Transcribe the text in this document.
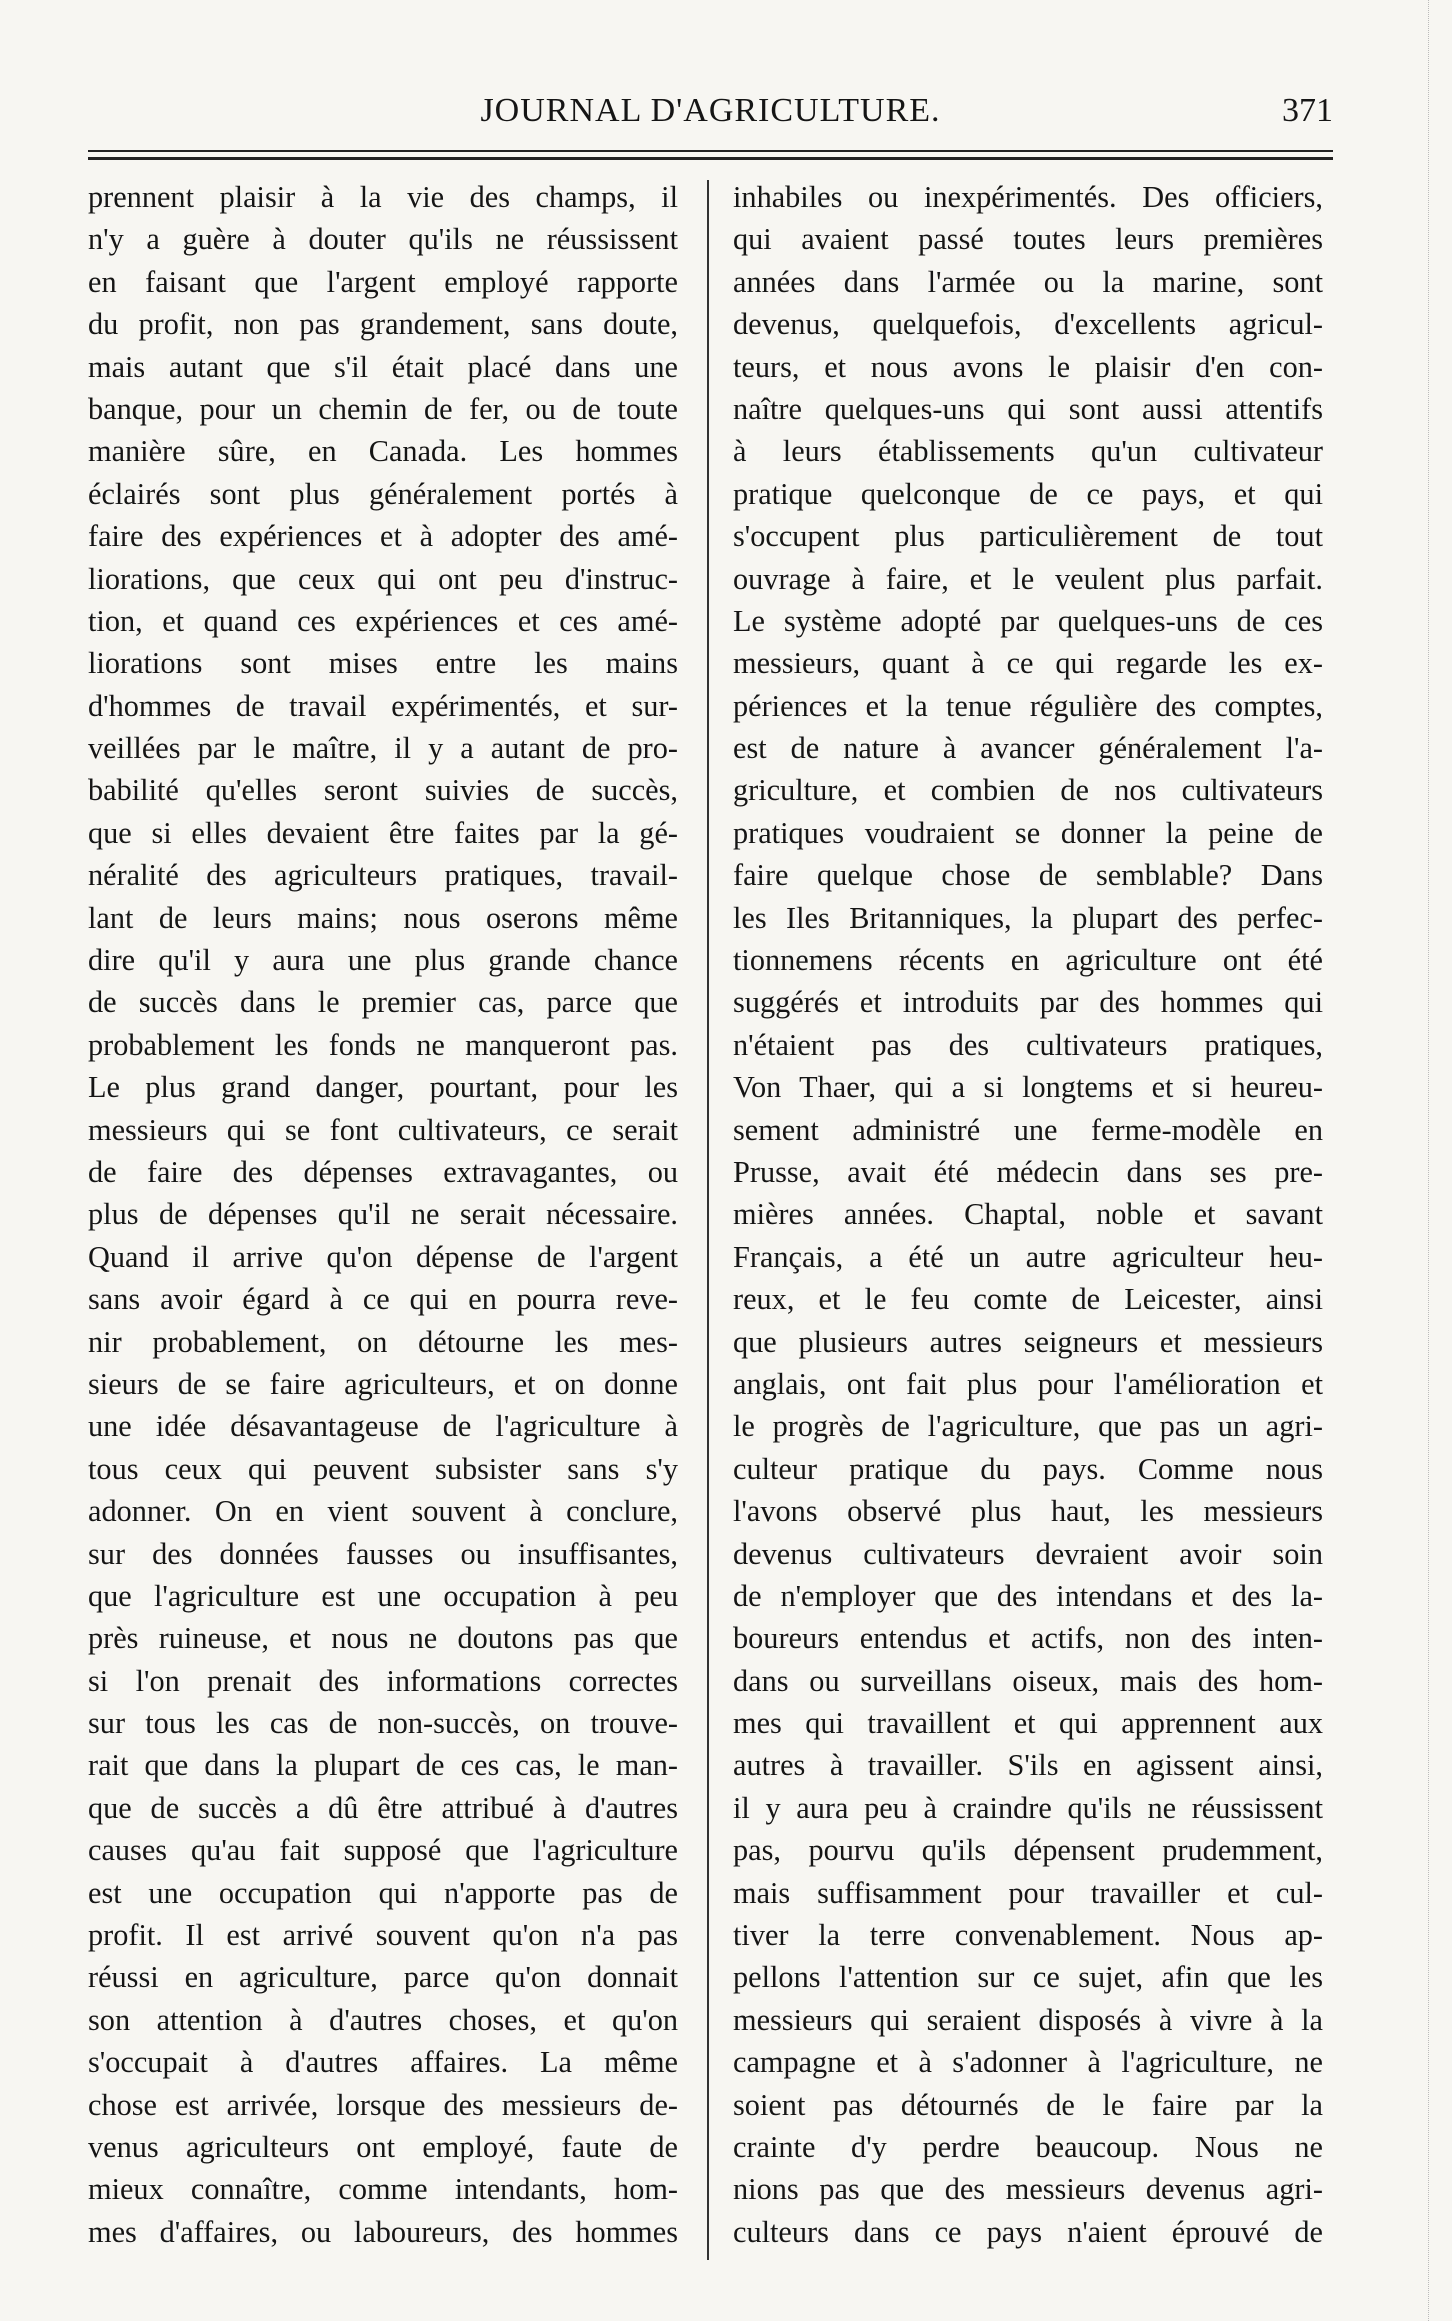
JOURNAL D'AGRICULTURE.	371
prennent plaisir à la vie des champs, il
n'y a guère à douter qu'ils ne réussissent
en faisant que l'argent employé rapporte
du profit, non pas grandement, sans doute,
mais autant que s'il était placé dans une
banque, pour un chemin de fer, ou de toute
manière sûre, en Canada. Les hommes
éclairés sont plus généralement portés à
faire des expériences et à adopter des amé-
liorations, que ceux qui ont peu d'instruc-
tion, et quand ces expériences et ces amé-
liorations sont mises entre les mains
d'hommes de travail expérimentés, et sur-
veillées par le maître, il y a autant de pro-
babilité qu'elles seront suivies de succès,
que si elles devaient être faites par la gé-
néralité des agriculteurs pratiques, travail-
lant de leurs mains; nous oserons même
dire qu'il y aura une plus grande chance
de succès dans le premier cas, parce que
probablement les fonds ne manqueront pas.
Le plus grand danger, pourtant, pour les
messieurs qui se font cultivateurs, ce serait
de faire des dépenses extravagantes, ou
plus de dépenses qu'il ne serait nécessaire.
Quand il arrive qu'on dépense de l'argent
sans avoir égard à ce qui en pourra reve-
nir probablement, on détourne les mes-
sieurs de se faire agriculteurs, et on donne
une idée désavantageuse de l'agriculture à
tous ceux qui peuvent subsister sans s'y
adonner. On en vient souvent à conclure,
sur des données fausses ou insuffisantes,
que l'agriculture est une occupation à peu
près ruineuse, et nous ne doutons pas que
si l'on prenait des informations correctes
sur tous les cas de non-succès, on trouve-
rait que dans la plupart de ces cas, le man-
que de succès a dû être attribué à d'autres
causes qu'au fait supposé que l'agriculture
est une occupation qui n'apporte pas de
profit. Il est arrivé souvent qu'on n'a pas
réussi en agriculture, parce qu'on donnait
son attention à d'autres choses, et qu'on
s'occupait à d'autres affaires. La même
chose est arrivée, lorsque des messieurs de-
venus agriculteurs ont employé, faute de
mieux connaître, comme intendants, hom-
mes d'affaires, ou laboureurs, des hommes
inhabiles ou inexpérimentés. Des officiers,
qui avaient passé toutes leurs premières
années dans l'armée ou la marine, sont
devenus, quelquefois, d'excellents agricul-
teurs, et nous avons le plaisir d'en con-
naître quelques-uns qui sont aussi attentifs
à leurs établissements qu'un cultivateur
pratique quelconque de ce pays, et qui
s'occupent plus particulièrement de tout
ouvrage à faire, et le veulent plus parfait.
Le système adopté par quelques-uns de ces
messieurs, quant à ce qui regarde les ex-
périences et la tenue régulière des comptes,
est de nature à avancer généralement l'a-
griculture, et combien de nos cultivateurs
pratiques voudraient se donner la peine de
faire quelque chose de semblable? Dans
les Iles Britanniques, la plupart des perfec-
tionnemens récents en agriculture ont été
suggérés et introduits par des hommes qui
n'étaient pas des cultivateurs pratiques,
Von Thaer, qui a si longtems et si heureu-
sement administré une ferme-modèle en
Prusse, avait été médecin dans ses pre-
mières années. Chaptal, noble et savant
Français, a été un autre agriculteur heu-
reux, et le feu comte de Leicester, ainsi
que plusieurs autres seigneurs et messieurs
anglais, ont fait plus pour l'amélioration et
le progrès de l'agriculture, que pas un agri-
culteur pratique du pays. Comme nous
l'avons observé plus haut, les messieurs
devenus cultivateurs devraient avoir soin
de n'employer que des intendans et des la-
boureurs entendus et actifs, non des inten-
dans ou surveillans oiseux, mais des hom-
mes qui travaillent et qui apprennent aux
autres à travailler. S'ils en agissent ainsi,
il y aura peu à craindre qu'ils ne réussissent
pas, pourvu qu'ils dépensent prudemment,
mais suffisamment pour travailler et cul-
tiver la terre convenablement. Nous ap-
pellons l'attention sur ce sujet, afin que les
messieurs qui seraient disposés à vivre à la
campagne et à s'adonner à l'agriculture, ne
soient pas détournés de le faire par la
crainte d'y perdre beaucoup. Nous ne
nions pas que des messieurs devenus agri-
culteurs dans ce pays n'aient éprouvé de
